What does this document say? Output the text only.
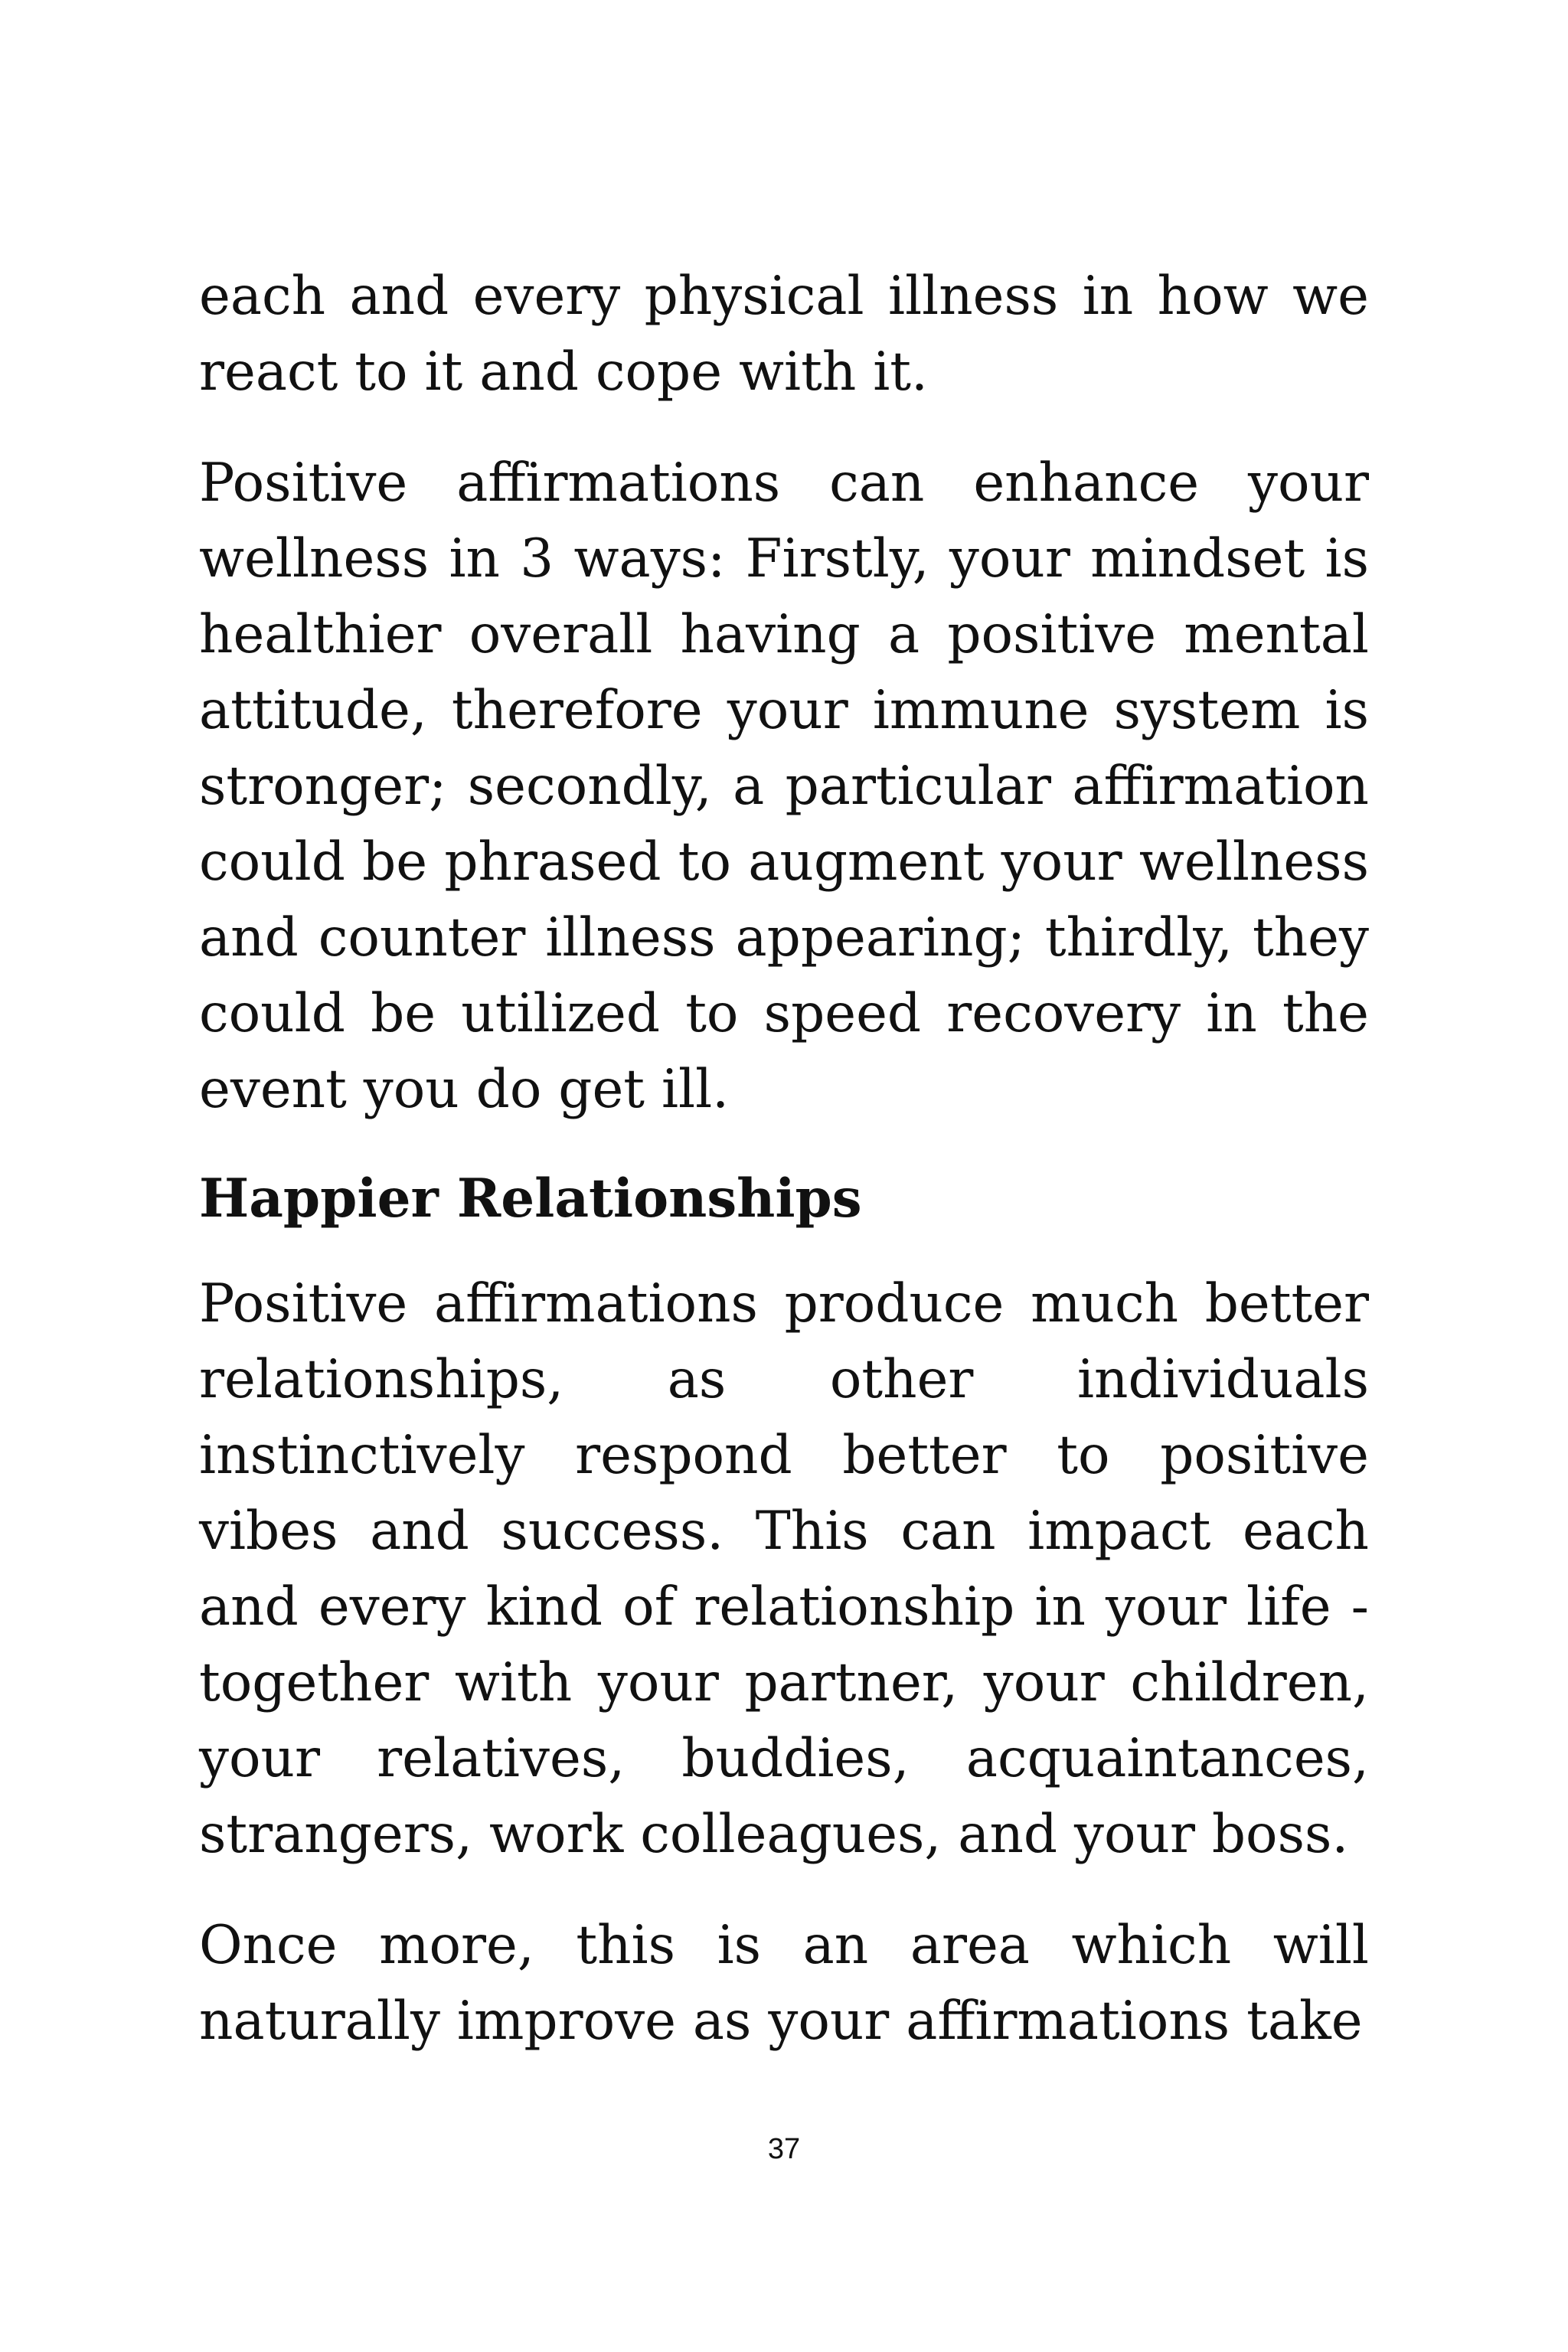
each and every physical illness in how we react to it and cope with it.

Positive affirmations can enhance your wellness in 3 ways: Firstly, your mindset is healthier overall having a positive mental attitude, therefore your immune system is stronger; secondly, a particular affirmation could be phrased to augment your wellness and counter illness appearing; thirdly, they could be utilized to speed recovery in the event you do get ill.

Happier Relationships

Positive affirmations produce much better relationships, as other individuals instinctively respond better to positive vibes and success. This can impact each and every kind of relationship in your life - together with your partner, your children, your relatives, buddies, acquaintances, strangers, work colleagues, and your boss.

Once more, this is an area which will naturally improve as your affirmations take

37
